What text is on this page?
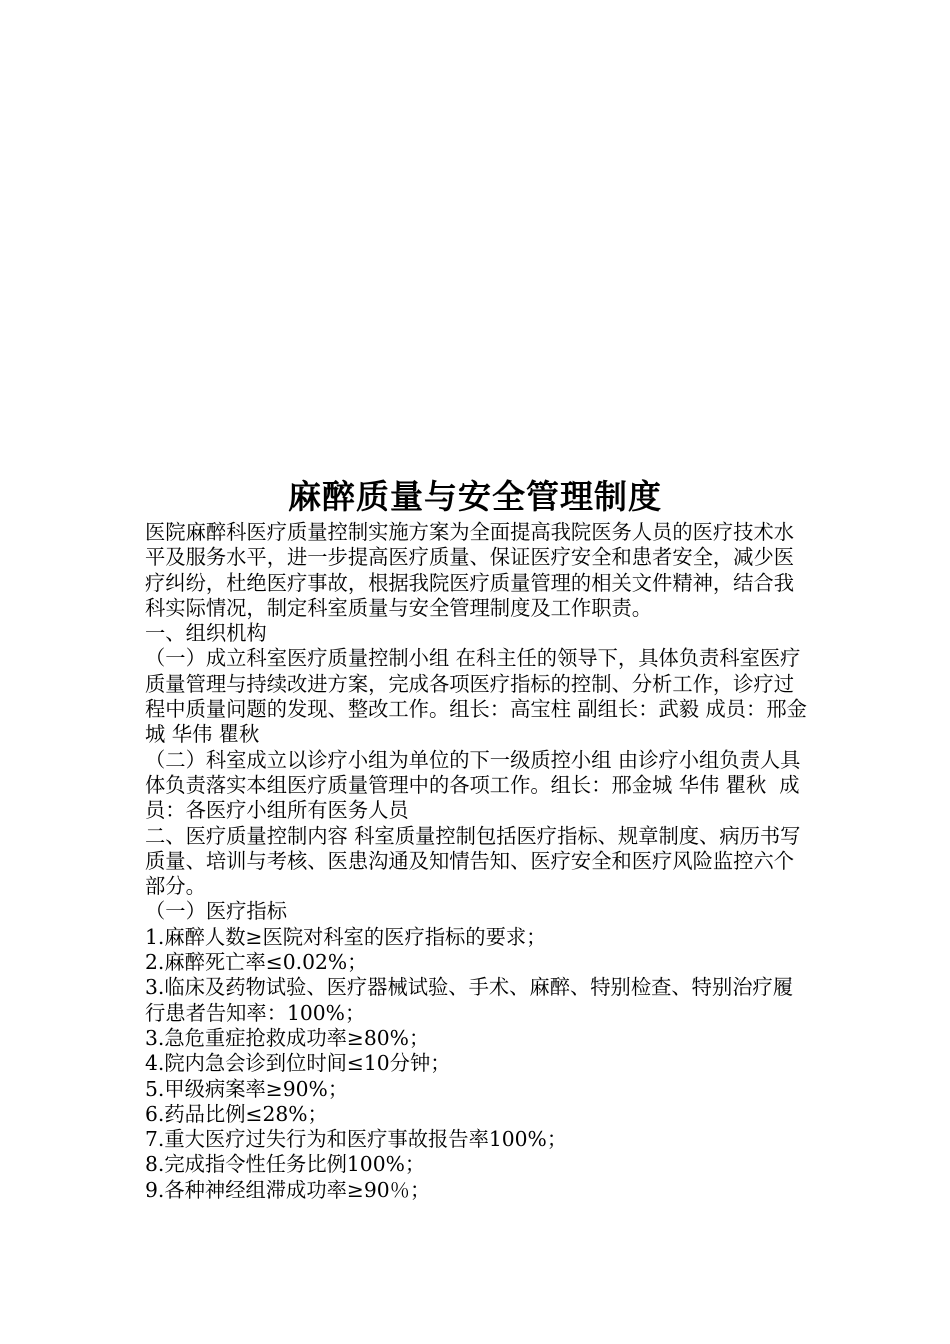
麻醉质量与安全管理制度

医院麻醉科医疗质量控制实施方案为全面提高我院医务人员的医疗技术水平及服务水平，进一步提高医疗质量、保证医疗安全和患者安全，减少医疗纠纷，杜绝医疗事故，根据我院医疗质量管理的相关文件精神，结合我科实际情况，制定科室质量与安全管理制度及工作职责。

一、组织机构

（一）成立科室医疗质量控制小组 在科主任的领导下，具体负责科室医疗质量管理与持续改进方案，完成各项医疗指标的控制、分析工作，诊疗过程中质量问题的发现、整改工作。组长：高宝柱 副组长：武毅 成员：邢金城 华伟 瞿秋

（二）科室成立以诊疗小组为单位的下一级质控小组 由诊疗小组负责人具体负责落实本组医疗质量管理中的各项工作。组长：邢金城 华伟 瞿秋  成员：各医疗小组所有医务人员

二、医疗质量控制内容 科室质量控制包括医疗指标、规章制度、病历书写质量、培训与考核、医患沟通及知情告知、医疗安全和医疗风险监控六个部分。

（一）医疗指标

1.麻醉人数≥医院对科室的医疗指标的要求；

2.麻醉死亡率≤0.02%；

3.临床及药物试验、医疗器械试验、手术、麻醉、特别检查、特别治疗履行患者告知率：100%；

3.急危重症抢救成功率≥80%；

4.院内急会诊到位时间≤10分钟；

5.甲级病案率≥90%；

6.药品比例≤28%；

7.重大医疗过失行为和医疗事故报告率100%；

8.完成指令性任务比例100%；

9.各种神经组滞成功率≥90％；
